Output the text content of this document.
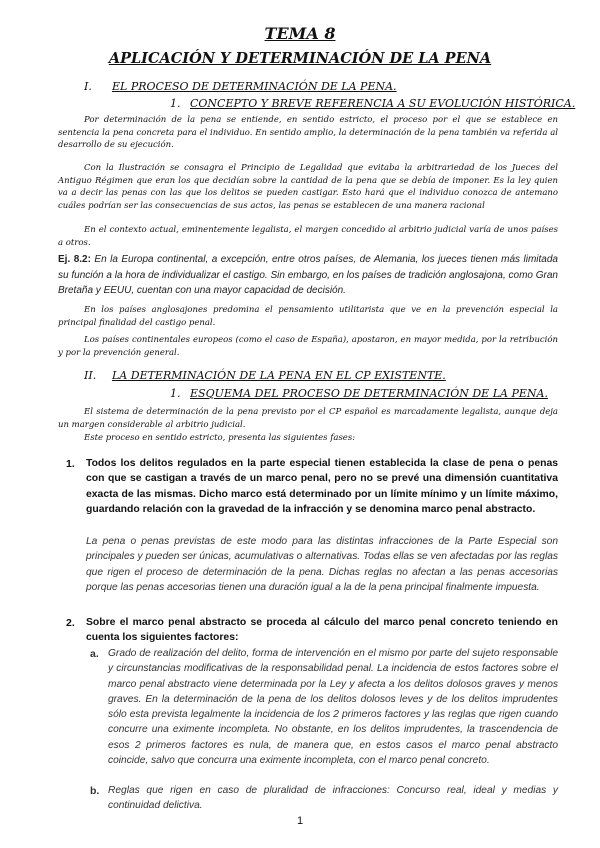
TEMA 8
APLICACIÓN Y DETERMINACIÓN DE LA PENA
I. EL PROCESO DE DETERMINACIÓN DE LA PENA.
1. CONCEPTO Y BREVE REFERENCIA A SU EVOLUCIÓN HISTÓRICA.

Por determinación de la pena se entiende, en sentido estricto, el proceso por el que se establece en sentencia la pena concreta para el individuo. En sentido amplio, la determinación de la pena también va referida al desarrollo de su ejecución.

Con la Ilustración se consagra el Principio de Legalidad que evitaba la arbitrariedad de los Jueces del Antiguo Régimen que eran los que decidían sobre la cantidad de la pena que se debía de imponer. Es la ley quien va a decir las penas con las que los delitos se pueden castigar. Esto hará que el individuo conozca de antemano cuáles podrían ser las consecuencias de sus actos, las penas se establecen de una manera racional

En el contexto actual, eminentemente legalista, el margen concedido al arbitrio judicial varía de unos países a otros.

Ej. 8.2: En la Europa continental, a excepción, entre otros países, de Alemania, los jueces tienen más limitada su función a la hora de individualizar el castigo. Sin embargo, en los países de tradición anglosajona, como Gran Bretaña y EEUU, cuentan con una mayor capacidad de decisión.

En los países anglosajones predomina el pensamiento utilitarista que ve en la prevención especial la principal finalidad del castigo penal.

Los países continentales europeos (como el caso de España), apostaron, en mayor medida, por la retribución y por la prevención general.

II. LA DETERMINACIÓN DE LA PENA EN EL CP EXISTENTE.
1. ESQUEMA DEL PROCESO DE DETERMINACIÓN DE LA PENA.

El sistema de determinación de la pena previsto por el CP español es marcadamente legalista, aunque deja un margen considerable al arbitrio judicial.

Este proceso en sentido estricto, presenta las siguientes fases:

1. Todos los delitos regulados en la parte especial tienen establecida la clase de pena o penas con que se castigan a través de un marco penal, pero no se prevé una dimensión cuantitativa exacta de las mismas. Dicho marco está determinado por un límite mínimo y un límite máximo, guardando relación con la gravedad de la infracción y se denomina marco penal abstracto.

La pena o penas previstas de este modo para las distintas infracciones de la Parte Especial son principales y pueden ser únicas, acumulativas o alternativas. Todas ellas se ven afectadas por las reglas que rigen el proceso de determinación de la pena. Dichas reglas no afectan a las penas accesorias porque las penas accesorias tienen una duración igual a la de la pena principal finalmente impuesta.

2. Sobre el marco penal abstracto se proceda al cálculo del marco penal concreto teniendo en cuenta los siguientes factores:

a. Grado de realización del delito, forma de intervención en el mismo por parte del sujeto responsable y circunstancias modificativas de la responsabilidad penal. La incidencia de estos factores sobre el marco penal abstracto viene determinada por la Ley y afecta a los delitos dolosos graves y menos graves. En la determinación de la pena de los delitos dolosos leves y de los delitos imprudentes sólo esta prevista legalmente la incidencia de los 2 primeros factores y las reglas que rigen cuando concurre una eximente incompleta. No obstante, en los delitos imprudentes, la trascendencia de esos 2 primeros factores es nula, de manera que, en estos casos el marco penal abstracto coincide, salvo que concurra una eximente incompleta, con el marco penal concreto.

b. Reglas que rigen en caso de pluralidad de infracciones: Concurso real, ideal y medias y continuidad delictiva.

1
